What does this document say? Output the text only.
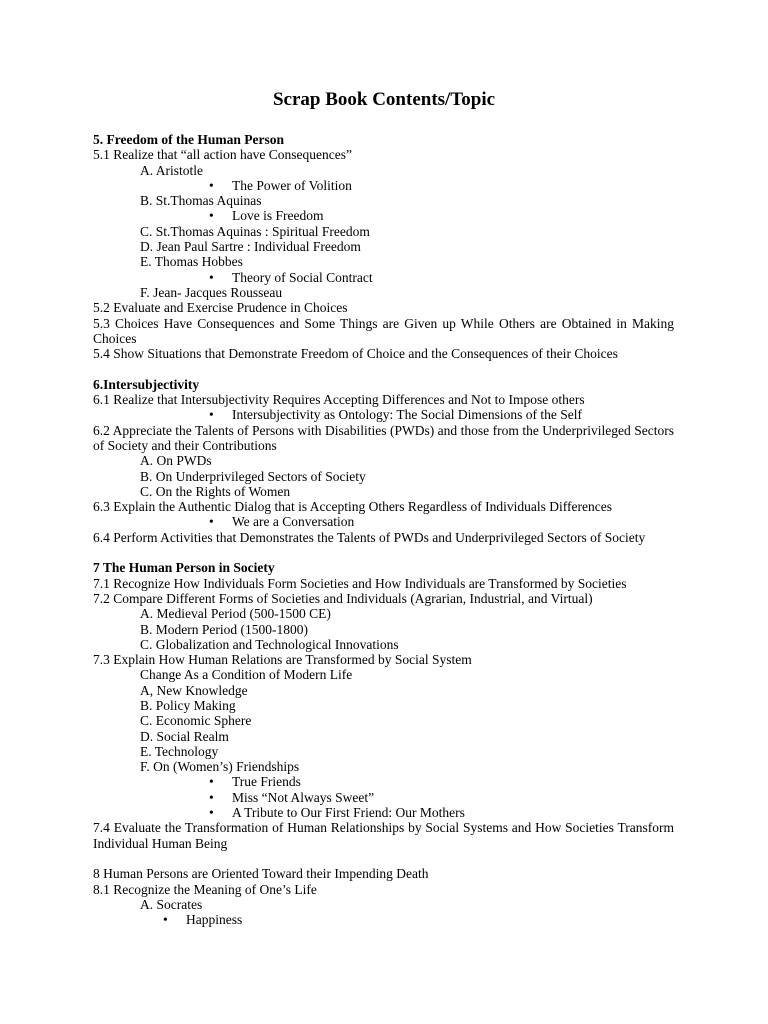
Scrap Book Contents/Topic
5. Freedom of the Human Person
5.1 Realize that “all action have Consequences”
A. Aristotle
• The Power of Volition
B. St.Thomas Aquinas
• Love is Freedom
C. St.Thomas Aquinas : Spiritual Freedom
D. Jean Paul Sartre : Individual Freedom
E. Thomas Hobbes
• Theory of Social Contract
F. Jean- Jacques Rousseau
5.2 Evaluate and Exercise Prudence in Choices
5.3 Choices Have Consequences and Some Things are Given up While Others are Obtained in Making Choices
5.4 Show Situations that Demonstrate Freedom of Choice and the Consequences of their Choices
6.Intersubjectivity
6.1 Realize that Intersubjectivity Requires Accepting Differences and Not to Impose others
• Intersubjectivity as Ontology: The Social Dimensions of the Self
6.2 Appreciate the Talents of Persons with Disabilities (PWDs) and those from the Underprivileged Sectors of Society and their Contributions
A. On PWDs
B. On Underprivileged Sectors of Society
C. On the Rights of Women
6.3 Explain the Authentic Dialog that is Accepting Others Regardless of Individuals Differences
• We are a Conversation
6.4 Perform Activities that Demonstrates the Talents of PWDs and Underprivileged Sectors of Society
7 The Human Person in Society
7.1 Recognize How Individuals Form Societies and How Individuals are Transformed by Societies
7.2 Compare Different Forms of Societies and Individuals (Agrarian, Industrial, and Virtual)
A. Medieval Period (500-1500 CE)
B. Modern Period (1500-1800)
C. Globalization and Technological Innovations
7.3 Explain How Human Relations are Transformed by Social System
Change As a Condition of Modern Life
A, New Knowledge
B. Policy Making
C. Economic Sphere
D. Social Realm
E. Technology
F. On (Women’s) Friendships
• True Friends
• Miss “Not Always Sweet”
• A Tribute to Our First Friend: Our Mothers
7.4 Evaluate the Transformation of Human Relationships by Social Systems and How Societies Transform Individual Human Being
8 Human Persons are Oriented Toward their Impending Death
8.1 Recognize the Meaning of One’s Life
A. Socrates
• Happiness
